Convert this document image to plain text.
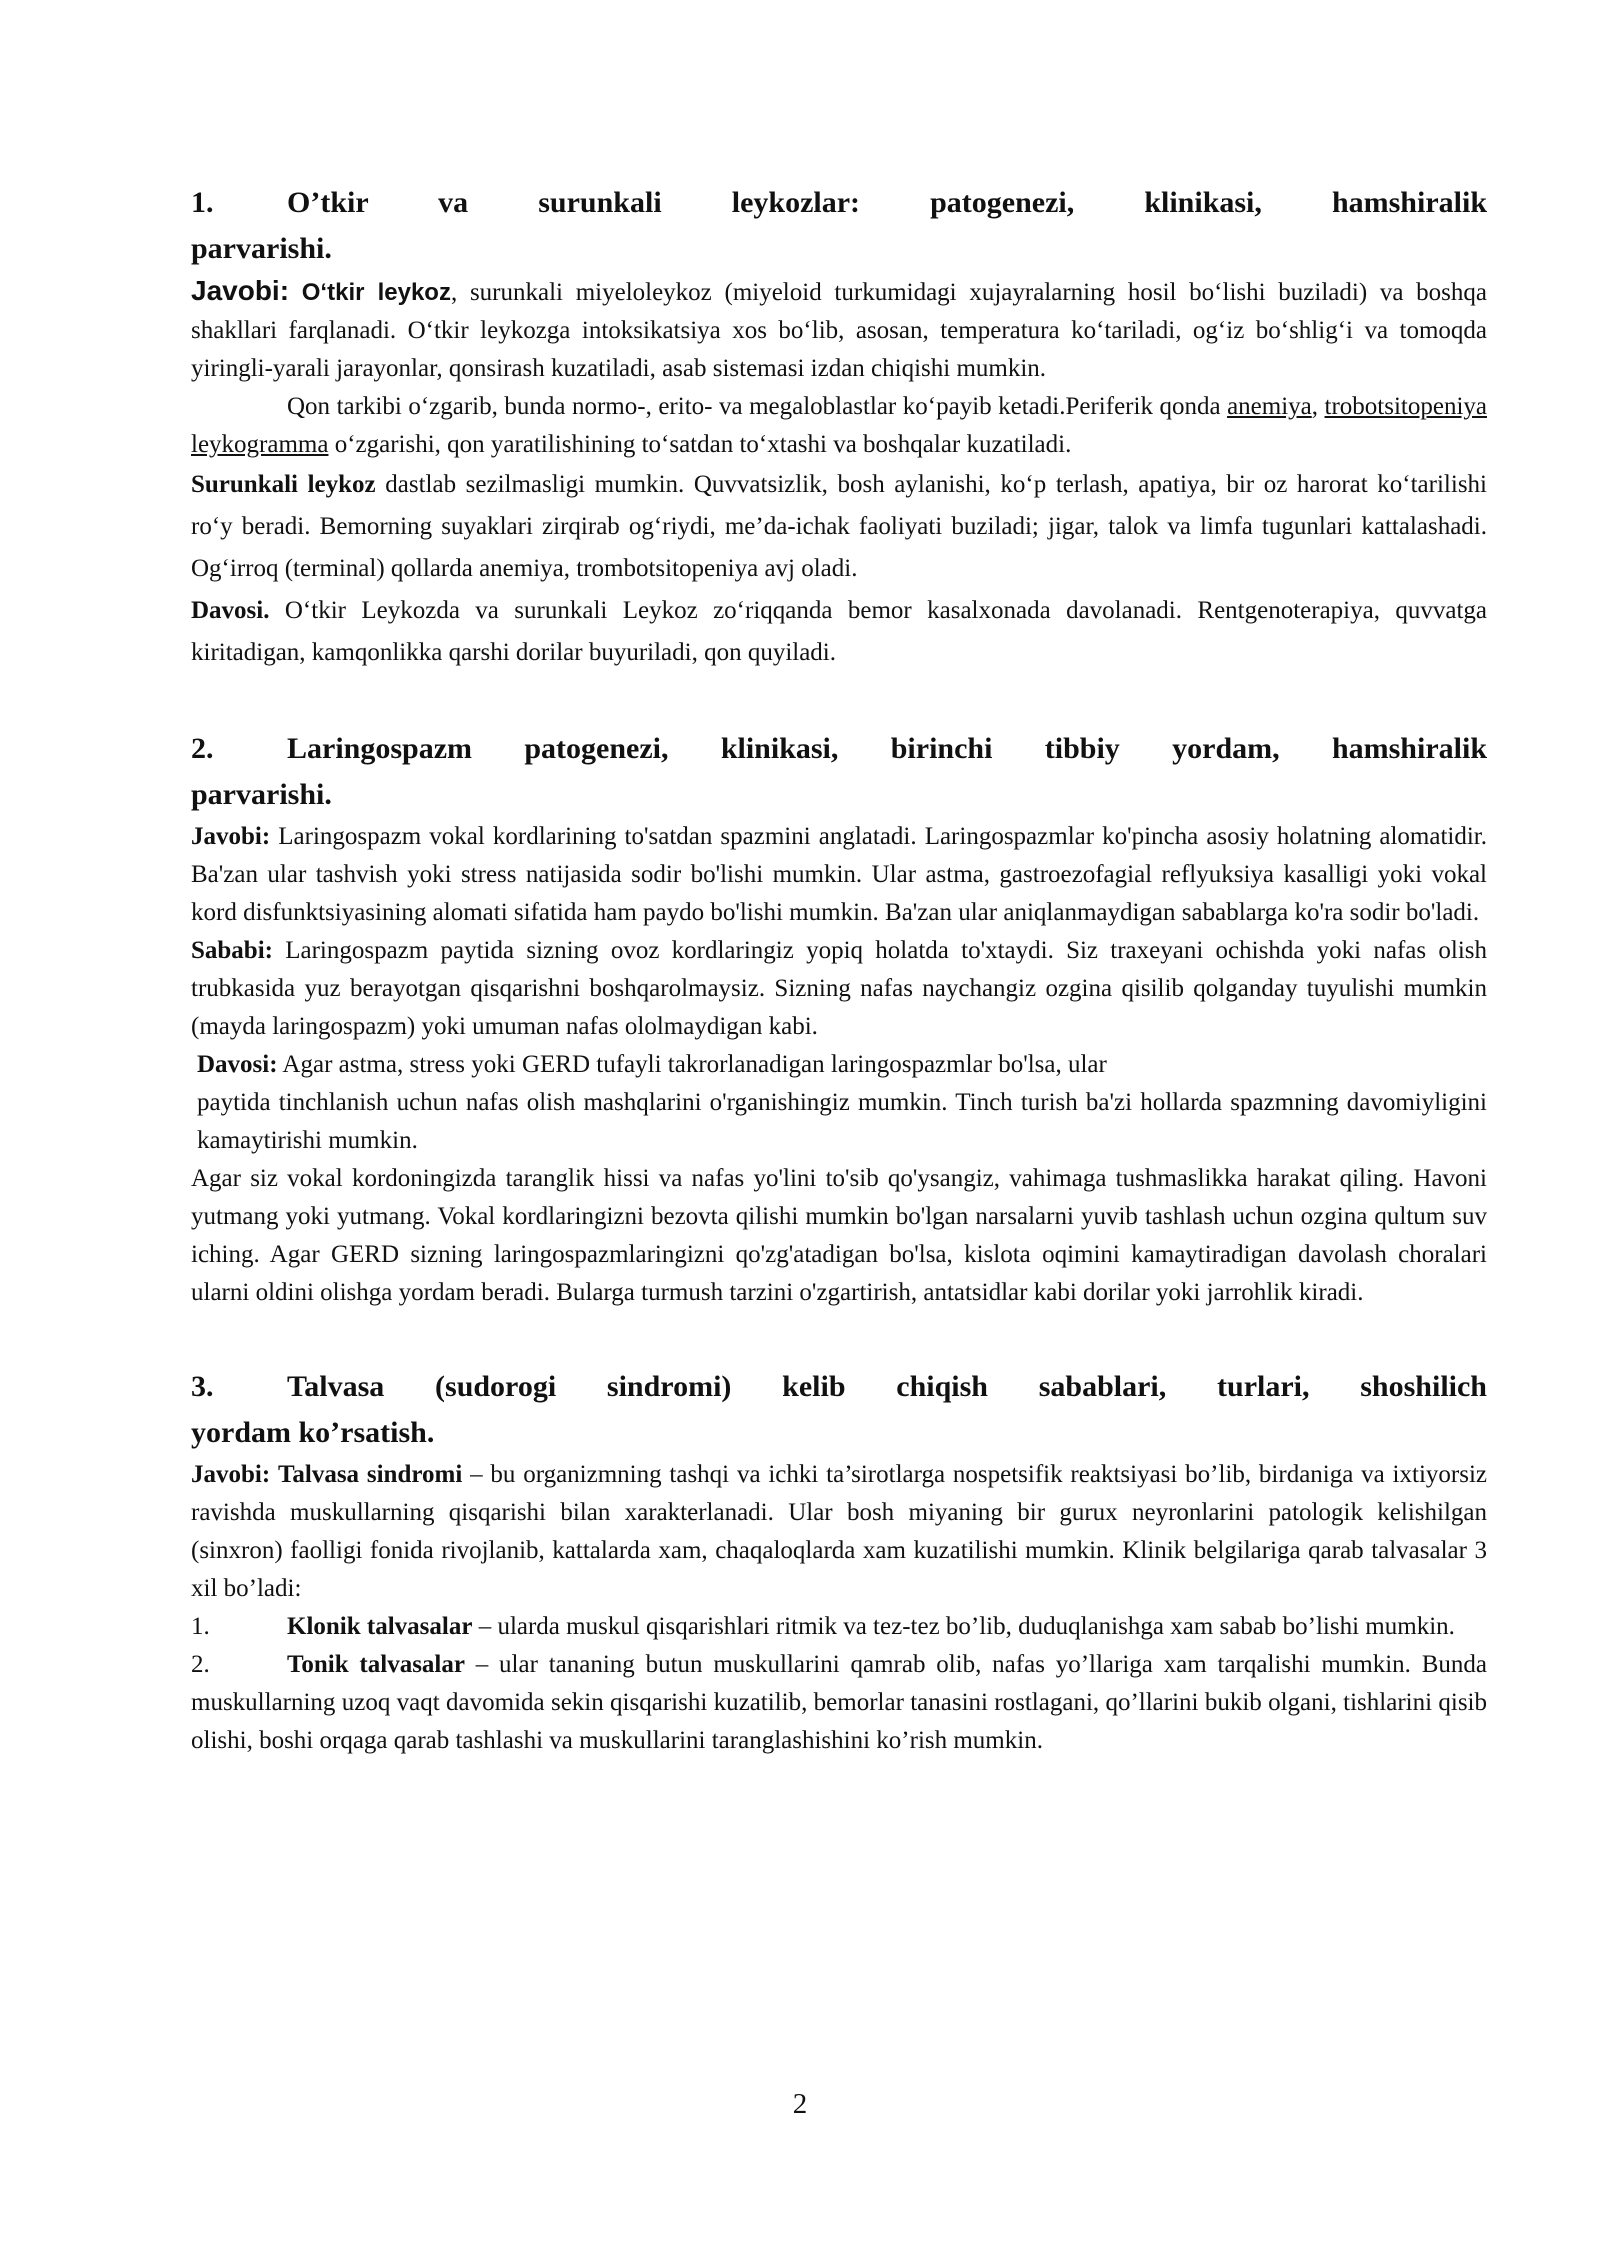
1.	O’tkir va surunkali leykozlar: patogenezi, klinikasi, hamshiralik
parvarishi.

Javobi: O‘tkir leykoz, surunkali miyeloleykoz (miyeloid turkumidagi xujayralarning hosil bo‘lishi buziladi) va boshqa shakllari farqlanadi. O‘tkir leykozga intoksikatsiya xos bo‘lib, asosan, temperatura ko‘tariladi, og‘iz bo‘shlig‘i va tomoqda yiringli-yarali jarayonlar, qonsirash kuzatiladi, asab sistemasi izdan chiqishi mumkin.

Qon tarkibi o‘zgarib, bunda normo-, erito- va megaloblastlar ko‘payib ketadi.Periferik qonda anemiya, trobotsitopeniya leykogramma o‘zgarishi, qon yaratilishining to‘satdan to‘xtashi va boshqalar kuzatiladi.

Surunkali leykoz dastlab sezilmasligi mumkin. Quvvatsizlik, bosh aylanishi, ko‘p terlash, apatiya, bir oz harorat ko‘tarilishi ro‘y beradi. Bemorning suyaklari zirqirab og‘riydi, me’da-ichak faoliyati buziladi; jigar, talok va limfa tugunlari kattalashadi. Og‘irroq (terminal) qollarda anemiya, trombotsitopeniya avj oladi.

Davosi. O‘tkir Leykozda va surunkali Leykoz zo‘riqqanda bemor kasalxonada davolanadi. Rentgenoterapiya, quvvatga kiritadigan, kamqonlikka qarshi dorilar buyuriladi, qon quyiladi.

2.	Laringospazm patogenezi, klinikasi, birinchi tibbiy yordam, hamshiralik
parvarishi.

Javobi: Laringospazm vokal kordlarining to'satdan spazmini anglatadi. Laringospazmlar ko'pincha asosiy holatning alomatidir. Ba'zan ular tashvish yoki stress natijasida sodir bo'lishi mumkin. Ular astma, gastroezofagial reflyuksiya kasalligi yoki vokal kord disfunktsiyasining alomati sifatida ham paydo bo'lishi mumkin. Ba'zan ular aniqlanmaydigan sabablarga ko'ra sodir bo'ladi.

Sababi: Laringospazm paytida sizning ovoz kordlaringiz yopiq holatda to'xtaydi. Siz traxeyani ochishda yoki nafas olish trubkasida yuz berayotgan qisqarishni boshqarolmaysiz. Sizning nafas naychangiz ozgina qisilib qolganday tuyulishi mumkin (mayda laringospazm) yoki umuman nafas ololmaydigan kabi.

Davosi: Agar astma, stress yoki GERD tufayli takrorlanadigan laringospazmlar bo'lsa, ular

paytida tinchlanish uchun nafas olish mashqlarini o'rganishingiz mumkin. Tinch turish ba'zi hollarda spazmning davomiyligini kamaytirishi mumkin.

Agar siz vokal kordoningizda taranglik hissi va nafas yo'lini to'sib qo'ysangiz, vahimaga tushmaslikka harakat qiling. Havoni yutmang yoki yutmang. Vokal kordlaringizni bezovta qilishi mumkin bo'lgan narsalarni yuvib tashlash uchun ozgina qultum suv iching. Agar GERD sizning laringospazmlaringizni qo'zg'atadigan bo'lsa, kislota oqimini kamaytiradigan davolash choralari ularni oldini olishga yordam beradi. Bularga turmush tarzini o'zgartirish, antatsidlar kabi dorilar yoki jarrohlik kiradi.

3.	Talvasa (sudorogi sindromi) kelib chiqish sabablari, turlari, shoshilich
yordam ko’rsatish.

Javobi: Talvasa sindromi – bu organizmning tashqi va ichki ta’sirotlarga nospetsifik reaktsiyasi bo’lib, birdaniga va ixtiyorsiz ravishda muskullarning qisqarishi bilan xarakterlanadi. Ular bosh miyaning bir gurux neyronlarini patologik kelishilgan (sinxron) faolligi fonida rivojlanib, kattalarda xam, chaqaloqlarda xam kuzatilishi mumkin. Klinik belgilariga qarab talvasalar 3 xil bo’ladi:

1.	Klonik talvasalar – ularda muskul qisqarishlari ritmik va tez-tez bo’lib, duduqlanishga xam sabab bo’lishi mumkin.
2.	Tonik talvasalar – ular tananing butun muskullarini qamrab olib, nafas yo’llariga xam tarqalishi mumkin. Bunda muskullarning uzoq vaqt davomida sekin qisqarishi kuzatilib, bemorlar tanasini rostlagani, qo’llarini bukib olgani, tishlarini qisib olishi, boshi orqaga qarab tashlashi va muskullarini taranglashishini ko’rish mumkin.
2
